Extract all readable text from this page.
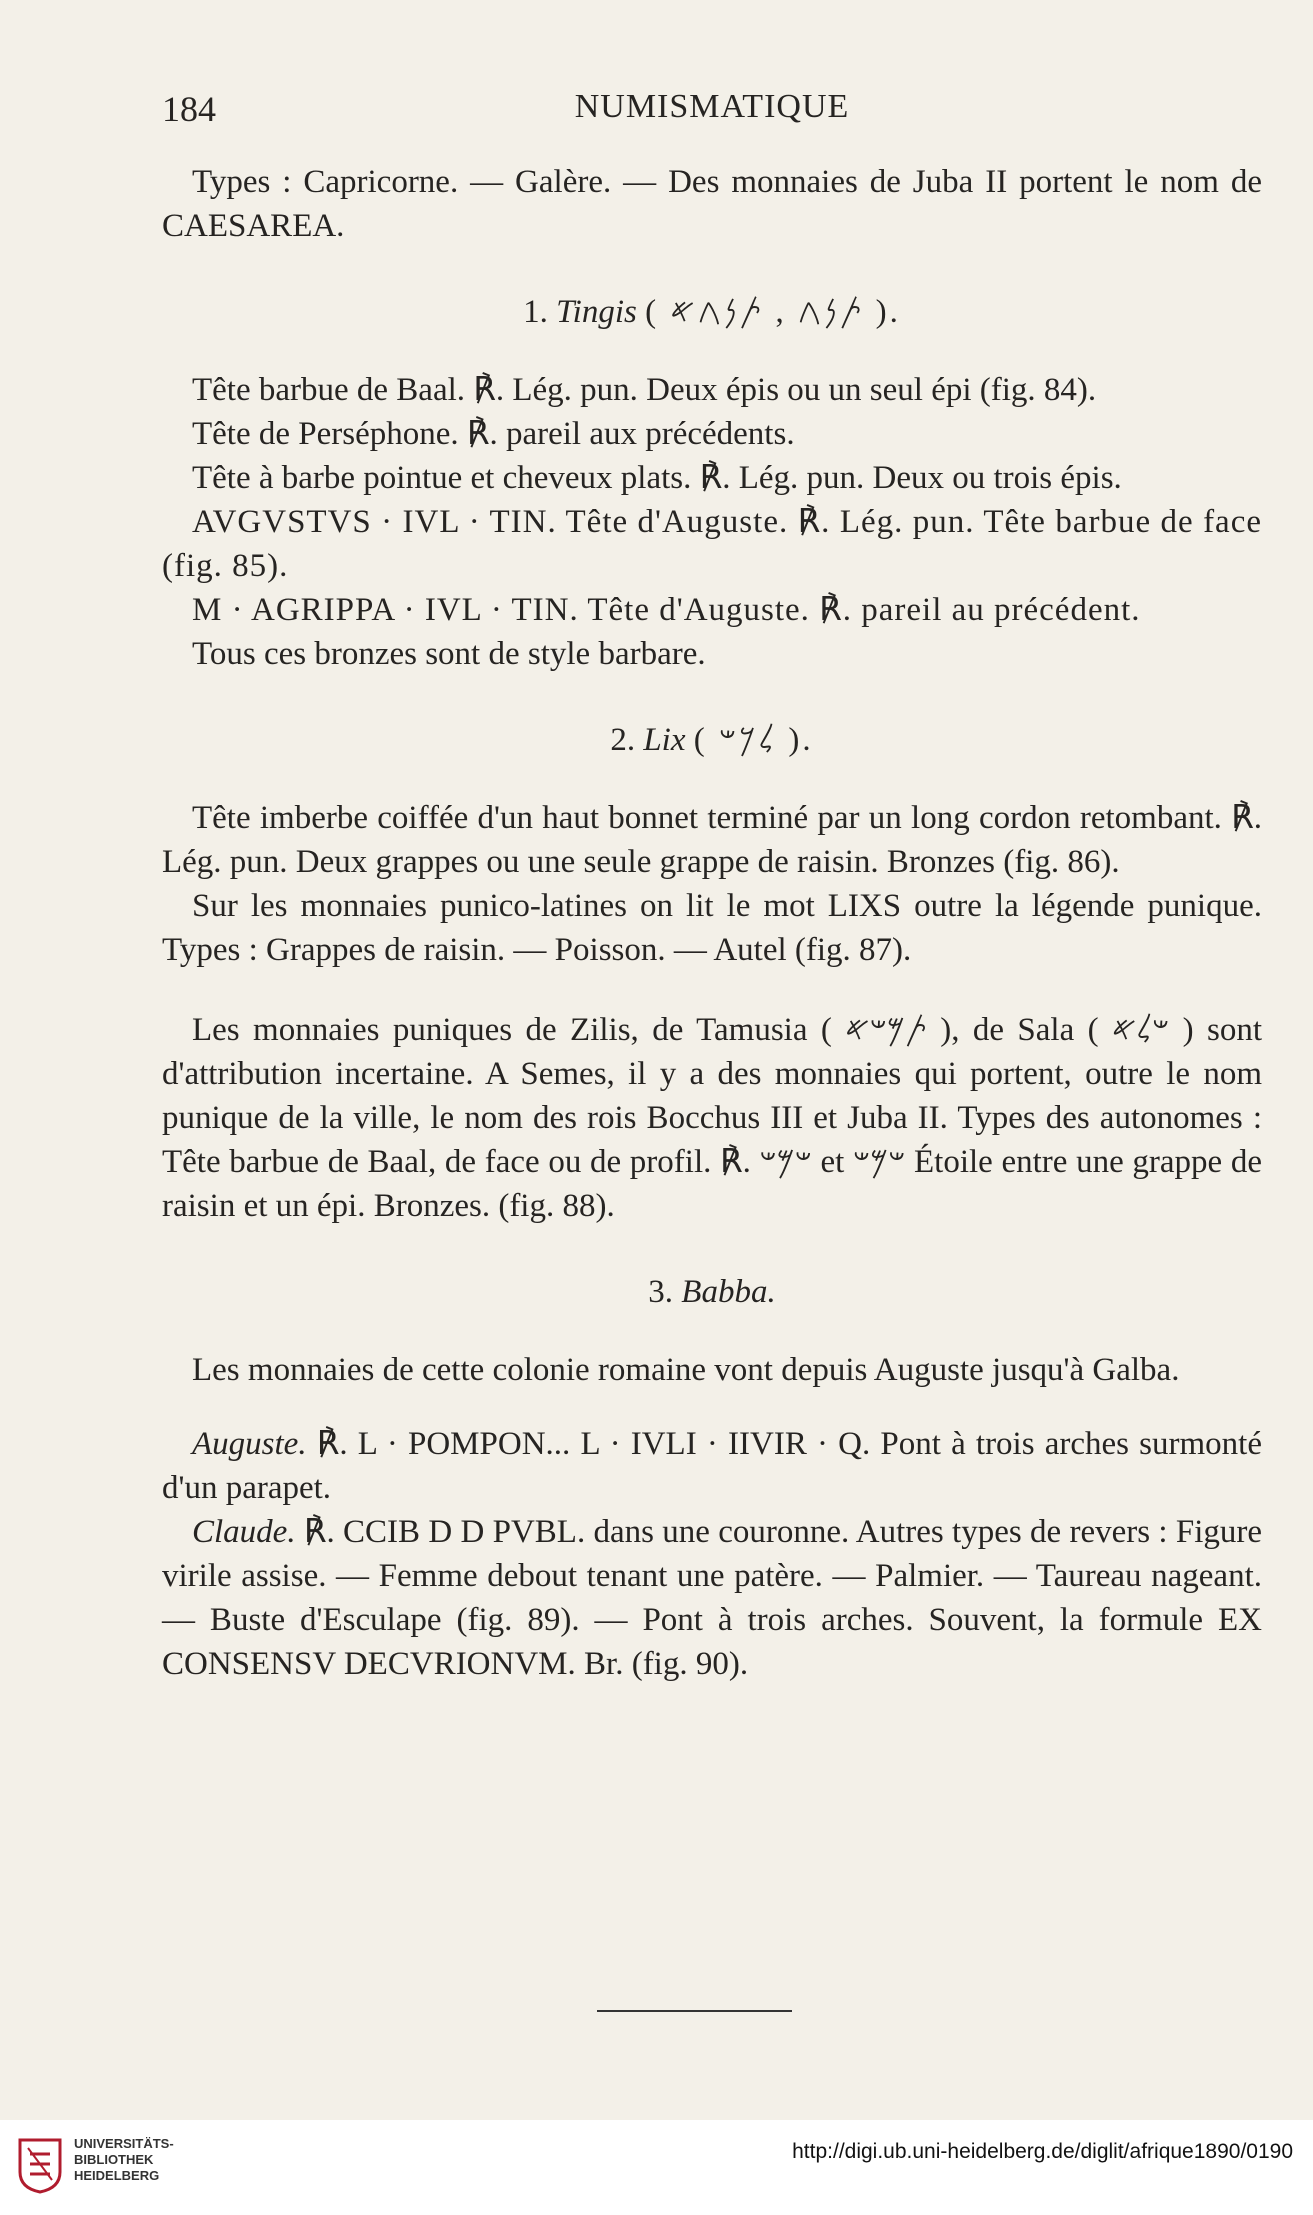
184	NUMISMATIQUE

Types : Capricorne. — Galère. — Des monnaies de Juba II portent le nom de CAESAREA.

1. Tingis ( 𐤕𐤍𐤂 , 𐤕𐤍𐤂𐤀 ).

Tête barbue de Baal. ℟. Lég. pun. Deux épis ou un seul épi (fig. 84).

Tête de Perséphone. ℟. pareil aux précédents.

Tête à barbe pointue et cheveux plats. ℟. Lég. pun. Deux ou trois épis.

AVGVSTVS · IVL · TIN. Tête d'Auguste. ℟. Lég. pun. Tête barbue de face (fig. 85).

M · AGRIPPA · IVL · TIN. Tête d'Auguste. ℟. pareil au précédent.

Tous ces bronzes sont de style barbare.

2. Lix ( 𐤋𐤊𐤔 ).

Tête imberbe coiffée d'un haut bonnet terminé par un long cordon retombant. ℟. Lég. pun. Deux grappes ou une seule grappe de raisin. Bronzes (fig. 86).

Sur les monnaies punico-latines on lit le mot LIXS outre la légende punique. Types : Grappes de raisin. — Poisson. — Autel (fig. 87).

Les monnaies puniques de Zilis, de Tamusia ( 𐤕𐤌𐤔𐤀 ), de Sala ( 𐤔𐤋𐤀 ) sont d'attribution incertaine. A Semes, il y a des monnaies qui portent, outre le nom punique de la ville, le nom des rois Bocchus III et Juba II. Types des autonomes : Tête barbue de Baal, de face ou de profil. ℟. 𐤔𐤌𐤔 et 𐤔𐤌𐤔 Étoile entre une grappe de raisin et un épi. Bronzes. (fig. 88).

3. Babba.

Les monnaies de cette colonie romaine vont depuis Auguste jusqu'à Galba.

Auguste. ℟. L · POMPON... L · IVLI · IIVIR · Q. Pont à trois arches surmonté d'un parapet.

Claude. ℟. CCIB D D PVBL. dans une couronne. Autres types de revers : Figure virile assise. — Femme debout tenant une patère. — Palmier. — Taureau nageant. — Buste d'Esculape (fig. 89). — Pont à trois arches. Souvent, la formule EX CONSENSV DECVRIONVM. Br. (fig. 90).

UNIVERSITÄTS-
BIBLIOTHEK
HEIDELBERG
http://digi.ub.uni-heidelberg.de/diglit/afrique1890/0190
